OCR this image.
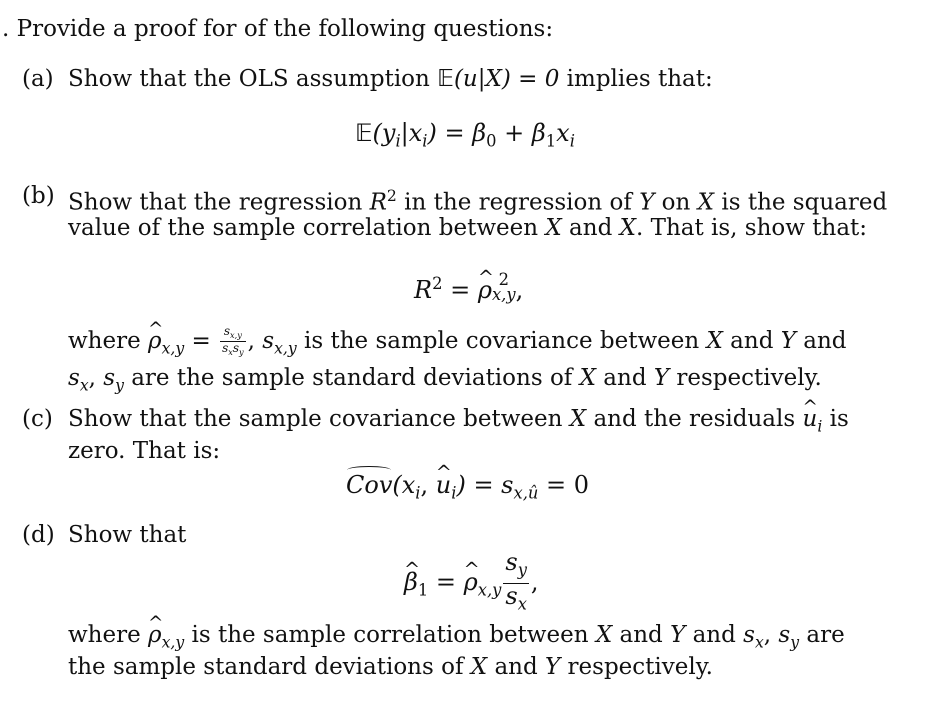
. Provide a proof for of the following questions:
(a) Show that the OLS assumption 𝔼(u|X) = 0 implies that:
$𝔼(y_i|x_i) = \beta_0 + \beta_1x_i$
(b) Show that the regression $R^2$ in the regression of Y on X is the squared
value of the sample correlation between X and X. That is, show that:
$R^2$ = ^ ρ 2
x,y ,
where ^ $\rho_{x,y} = \frac{s_{x,y}}{s_xs_y}$ , $s_{x,y}$ is the sample covariance between X and Y and
$s_x$, $s_y$ are the sample standard deviations of X and Y respectively.
(c) Show that the sample covariance between X and the residuals ^ $u_i$ is
zero. That is:
$Cov(x_i$, ^ $u_i) = s_{x,û} = 0$
(d) Show that
^ $\beta_1$ = ^ $\rho_{x,y} \frac{s_y}{s_x}$ ,
where ^ $\rho_{x,y}$ is the sample correlation between X and Y and $s_x$, $s_y$ are
the sample standard deviations of X and Y respectively.
